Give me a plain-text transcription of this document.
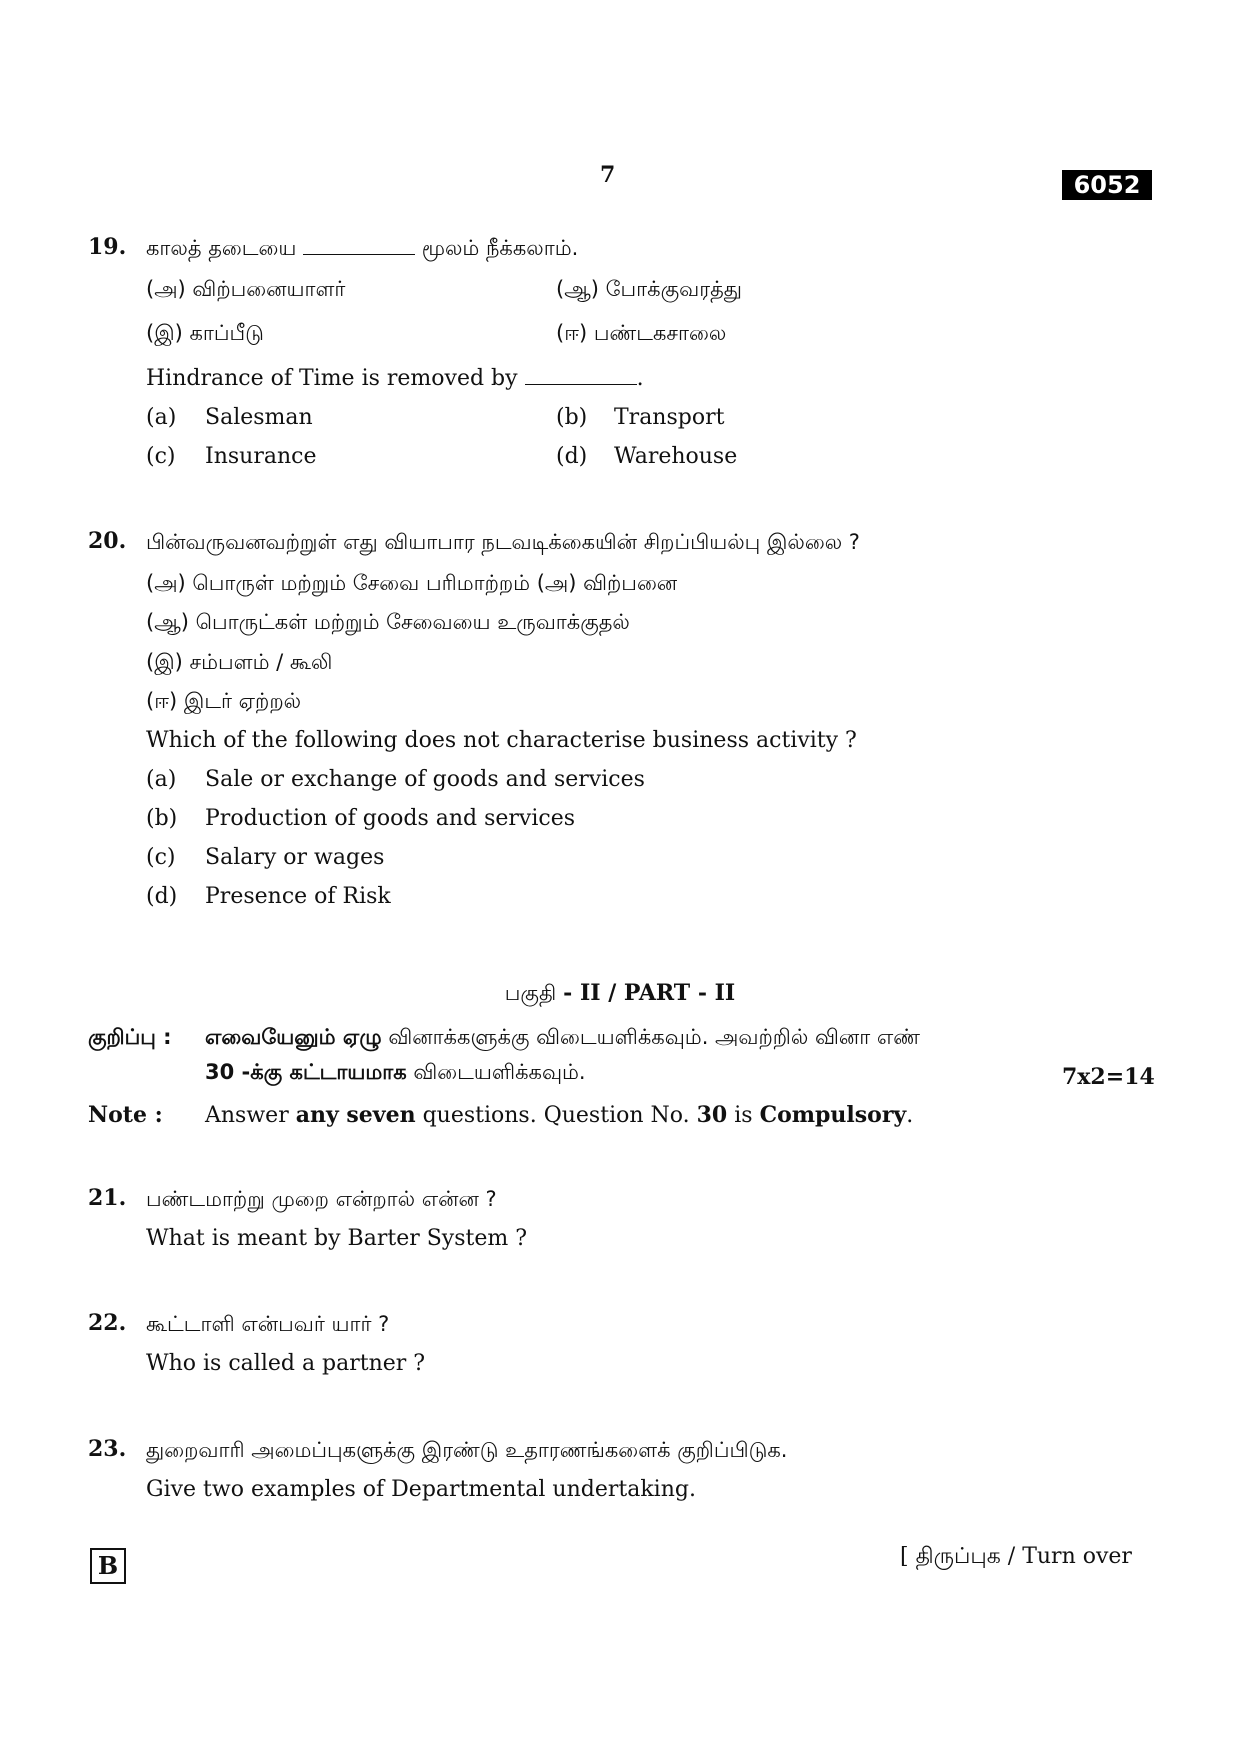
7	6052
19. காலத் தடையை	மூலம் நீக்கலாம்.
(அ) விற்பனையாளர்	(ஆ) போக்குவரத்து
(இ) காப்பீடு	(ஈ) பண்டகசாலை
Hindrance of Time is removed by	.
(a) Salesman	(b) Transport
(c) Insurance	(d) Warehouse
20. பின்வருவனவற்றுள் எது வியாபார நடவடிக்கையின் சிறப்பியல்பு இல்லை ?
(அ) பொருள் மற்றும் சேவை பரிமாற்றம் (அ) விற்பனை
(ஆ) பொருட்கள் மற்றும் சேவையை உருவாக்குதல்
(இ) சம்பளம் / கூலி
(ஈ) இடர் ஏற்றல்
Which of the following does not characterise business activity ?
(a) Sale or exchange of goods and services
(b) Production of goods and services
(c) Salary or wages
(d) Presence of Risk
பகுதி - II / PART - II
குறிப்பு : எவையேனும் ஏழு வினாக்களுக்கு விடையளிக்கவும். அவற்றில் வினா எண்
30 -க்கு கட்டாயமாக விடையளிக்கவும்.	7x2=14
Note : Answer any seven questions. Question No. 30 is Compulsory.
21. பண்டமாற்று முறை என்றால் என்ன ?
What is meant by Barter System ?
22. கூட்டாளி என்பவர் யார் ?
Who is called a partner ?
23. துறைவாரி அமைப்புகளுக்கு இரண்டு உதாரணங்களைக் குறிப்பிடுக.
Give two examples of Departmental undertaking.
B	[ திருப்புக / Turn over
